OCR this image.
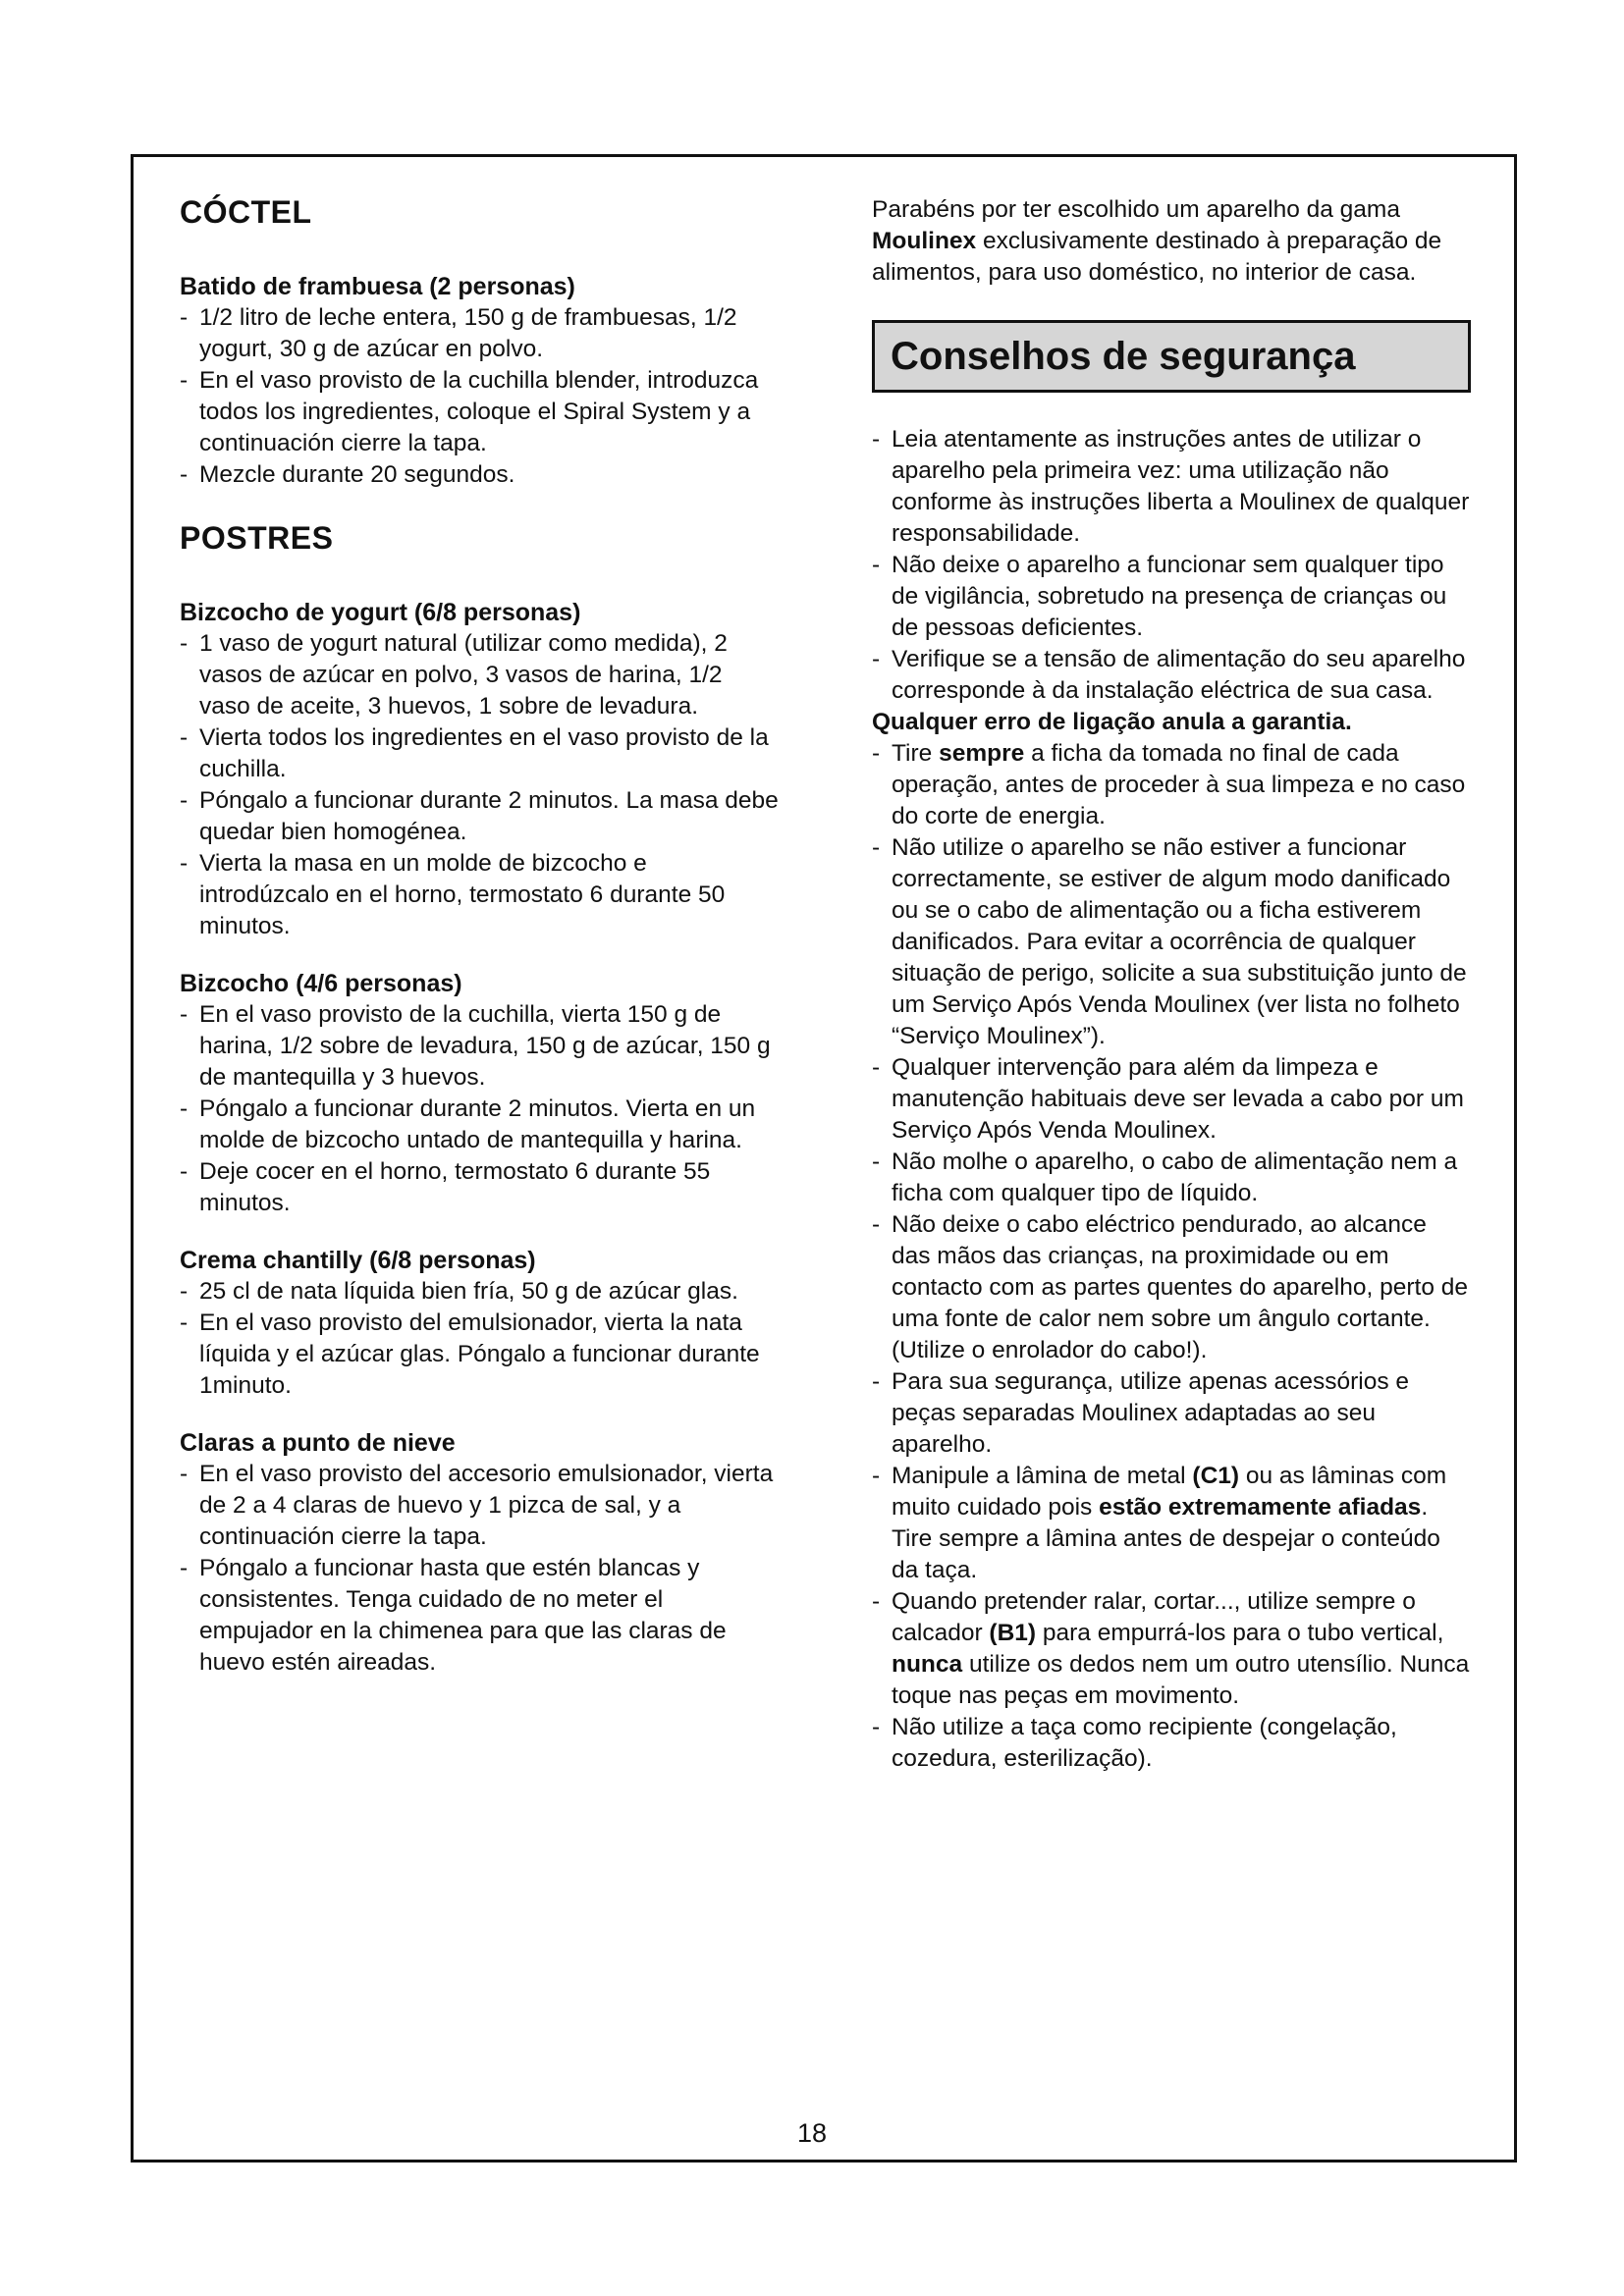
CÓCTEL
Batido de frambuesa (2 personas)
- 1/2 litro de leche entera, 150 g de frambuesas, 1/2 yogurt, 30 g de azúcar en polvo.
- En el vaso provisto de la cuchilla blender, introduzca todos los ingredientes, coloque el Spiral System y a continuación cierre la tapa.
- Mezcle durante 20 segundos.
POSTRES
Bizcocho de yogurt (6/8 personas)
- 1 vaso de yogurt natural (utilizar como medida), 2 vasos de azúcar en polvo, 3 vasos de harina, 1/2 vaso de aceite, 3 huevos, 1 sobre de levadura.
- Vierta todos los ingredientes en el vaso provisto de la cuchilla.
- Póngalo a funcionar durante 2 minutos. La masa debe quedar bien homogénea.
- Vierta la masa en un molde de bizcocho e introdúzcalo en el horno, termostato 6 durante 50 minutos.
Bizcocho (4/6 personas)
- En el vaso provisto de la cuchilla, vierta 150 g de harina, 1/2 sobre de levadura, 150 g de azúcar, 150 g de mantequilla y 3 huevos.
- Póngalo a funcionar durante 2 minutos. Vierta en un molde de bizcocho untado de mantequilla y harina.
- Deje cocer en el horno, termostato 6 durante 55 minutos.
Crema chantilly (6/8 personas)
- 25 cl de nata líquida bien fría, 50 g de azúcar glas.
- En el vaso provisto del emulsionador, vierta la nata líquida y el azúcar glas. Póngalo a funcionar durante 1minuto.
Claras a punto de nieve
- En el vaso provisto del accesorio emulsionador, vierta de 2 a 4 claras de huevo y 1 pizca de sal, y a continuación cierre la tapa.
- Póngalo a funcionar hasta que estén blancas y consistentes. Tenga cuidado de no meter el empujador en la chimenea para que las claras de huevo estén aireadas.

Parabéns por ter escolhido um aparelho da gama Moulinex exclusivamente destinado à preparação de alimentos, para uso doméstico, no interior de casa.

Conselhos de segurança
- Leia atentamente as instruções antes de utilizar o aparelho pela primeira vez: uma utilização não conforme às instruções liberta a Moulinex de qualquer responsabilidade.
- Não deixe o aparelho a funcionar sem qualquer tipo de vigilância, sobretudo na presença de crianças ou de pessoas deficientes.
- Verifique se a tensão de alimentação do seu aparelho corresponde à da instalação eléctrica de sua casa.

Qualquer erro de ligação anula a garantia.

- Tire sempre a ficha da tomada no final de cada operação, antes de proceder à sua limpeza e no caso do corte de energia.
- Não utilize o aparelho se não estiver a funcionar correctamente, se estiver de algum modo danificado ou se o cabo de alimentação ou a ficha estiverem danificados. Para evitar a ocorrência de qualquer situação de perigo, solicite a sua substituição junto de um Serviço Após Venda Moulinex (ver lista no folheto “Serviço Moulinex”).
- Qualquer intervenção para além da limpeza e manutenção habituais deve ser levada a cabo por um Serviço Após Venda Moulinex.
- Não molhe o aparelho, o cabo de alimentação nem a ficha com qualquer tipo de líquido.
- Não deixe o cabo eléctrico pendurado, ao alcance das mãos das crianças, na proximidade ou em contacto com as partes quentes do aparelho, perto de uma fonte de calor nem sobre um ângulo cortante. (Utilize o enrolador do cabo!).
- Para sua segurança, utilize apenas acessórios e peças separadas Moulinex adaptadas ao seu aparelho.
- Manipule a lâmina de metal (C1) ou as lâminas com muito cuidado pois estão extremamente afiadas. Tire sempre a lâmina antes de despejar o conteúdo da taça.
- Quando pretender ralar, cortar..., utilize sempre o calcador (B1) para empurrá-los para o tubo vertical, nunca utilize os dedos nem um outro utensílio. Nunca toque nas peças em movimento.
- Não utilize a taça como recipiente (congelação, cozedura, esterilização).
18
